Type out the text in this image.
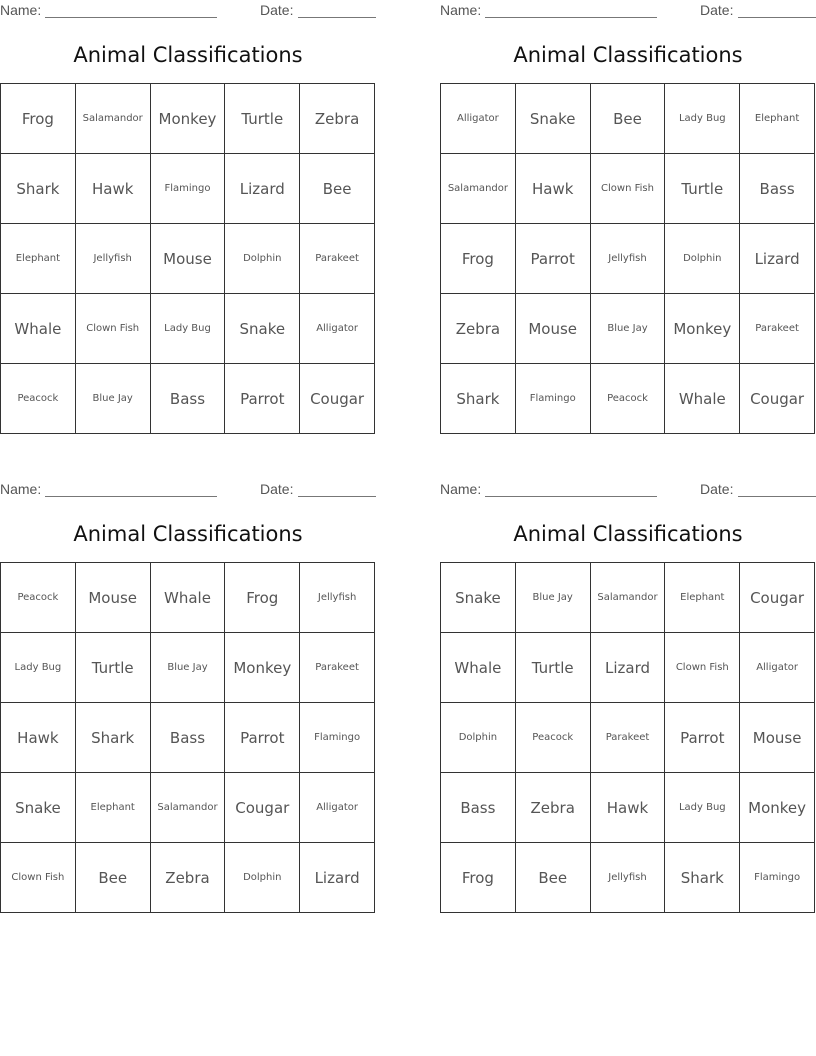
Name:	Date:
Animal Classifications
Frog	Salamandor	Monkey	Turtle	Zebra
Shark	Hawk	Flamingo	Lizard	Bee
Elephant	Jellyfish	Mouse	Dolphin	Parakeet
Whale	Clown Fish	Lady Bug	Snake	Alligator
Peacock	Blue Jay	Bass	Parrot	Cougar
Name:	Date:
Animal Classifications
Alligator	Snake	Bee	Lady Bug	Elephant
Salamandor	Hawk	Clown Fish	Turtle	Bass
Frog	Parrot	Jellyfish	Dolphin	Lizard
Zebra	Mouse	Blue Jay	Monkey	Parakeet
Shark	Flamingo	Peacock	Whale	Cougar
Name:	Date:
Animal Classifications
Peacock	Mouse	Whale	Frog	Jellyfish
Lady Bug	Turtle	Blue Jay	Monkey	Parakeet
Hawk	Shark	Bass	Parrot	Flamingo
Snake	Elephant	Salamandor	Cougar	Alligator
Clown Fish	Bee	Zebra	Dolphin	Lizard
Name:	Date:
Animal Classifications
Snake	Blue Jay	Salamandor	Elephant	Cougar
Whale	Turtle	Lizard	Clown Fish	Alligator
Dolphin	Peacock	Parakeet	Parrot	Mouse
Bass	Zebra	Hawk	Lady Bug	Monkey
Frog	Bee	Jellyfish	Shark	Flamingo
